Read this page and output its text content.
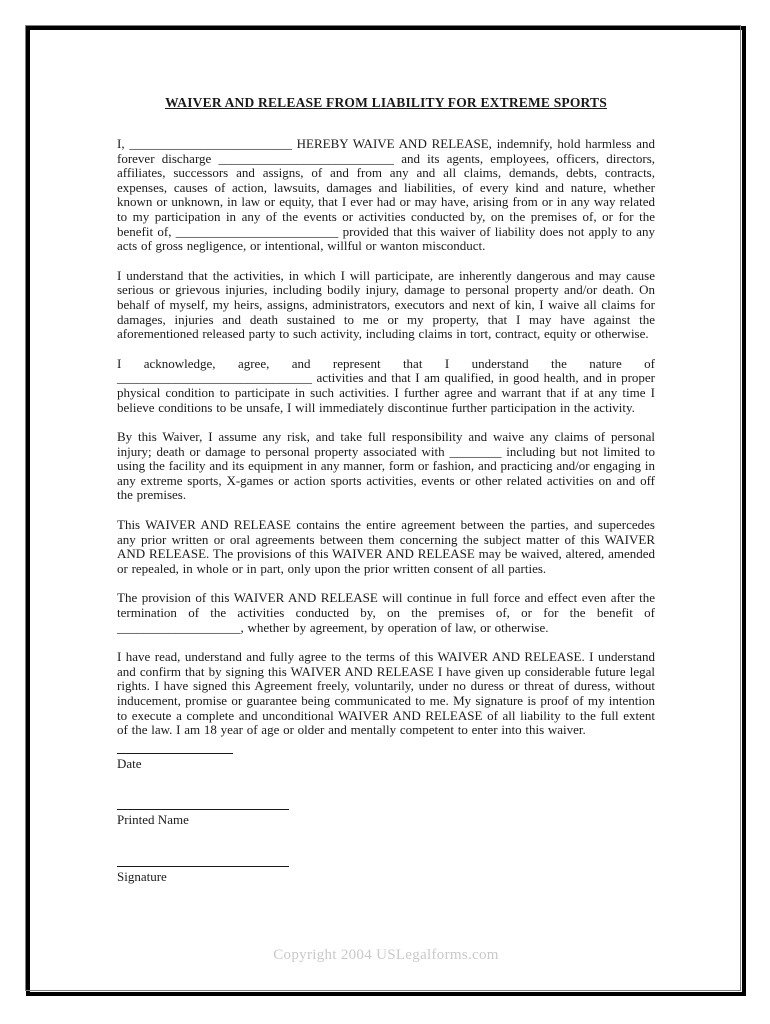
WAIVER AND RELEASE FROM LIABILITY FOR EXTREME SPORTS

I, _________________________ HEREBY WAIVE AND RELEASE, indemnify, hold harmless and forever discharge ___________________________ and its agents, employees, officers, directors, affiliates, successors and assigns, of and from any and all claims, demands, debts, contracts, expenses, causes of action, lawsuits, damages and liabilities, of every kind and nature, whether known or unknown, in law or equity, that I ever had or may have, arising from or in any way related to my participation in any of the events or activities conducted by, on the premises of, or for the benefit of, _________________________ provided that this waiver of liability does not apply to any acts of gross negligence, or intentional, willful or wanton misconduct.

I understand that the activities, in which I will participate, are inherently dangerous and may cause serious or grievous injuries, including bodily injury, damage to personal property and/or death. On behalf of myself, my heirs, assigns, administrators, executors and next of kin, I waive all claims for damages, injuries and death sustained to me or my property, that I may have against the aforementioned released party to such activity, including claims in tort, contract, equity or otherwise.

I acknowledge, agree, and represent that I understand the nature of ______________________________ activities and that I am qualified, in good health, and in proper physical condition to participate in such activities. I further agree and warrant that if at any time I believe conditions to be unsafe, I will immediately discontinue further participation in the activity.

By this Waiver, I assume any risk, and take full responsibility and waive any claims of personal injury; death or damage to personal property associated with ________ including but not limited to using the facility and its equipment in any manner, form or fashion, and practicing and/or engaging in any extreme sports, X-games or action sports activities, events or other related activities on and off the premises.

This WAIVER AND RELEASE contains the entire agreement between the parties, and supercedes any prior written or oral agreements between them concerning the subject matter of this WAIVER AND RELEASE. The provisions of this WAIVER AND RELEASE may be waived, altered, amended or repealed, in whole or in part, only upon the prior written consent of all parties.

The provision of this WAIVER AND RELEASE will continue in full force and effect even after the termination of the activities conducted by, on the premises of, or for the benefit of ___________________, whether by agreement, by operation of law, or otherwise.

I have read, understand and fully agree to the terms of this WAIVER AND RELEASE. I understand and confirm that by signing this WAIVER AND RELEASE I have given up considerable future legal rights. I have signed this Agreement freely, voluntarily, under no duress or threat of duress, without inducement, promise or guarantee being communicated to me. My signature is proof of my intention to execute a complete and unconditional WAIVER AND RELEASE of all liability to the full extent of the law. I am 18 year of age or older and mentally competent to enter into this waiver.

Date
Printed Name
Signature
Copyright 2004 USLegalforms.com
